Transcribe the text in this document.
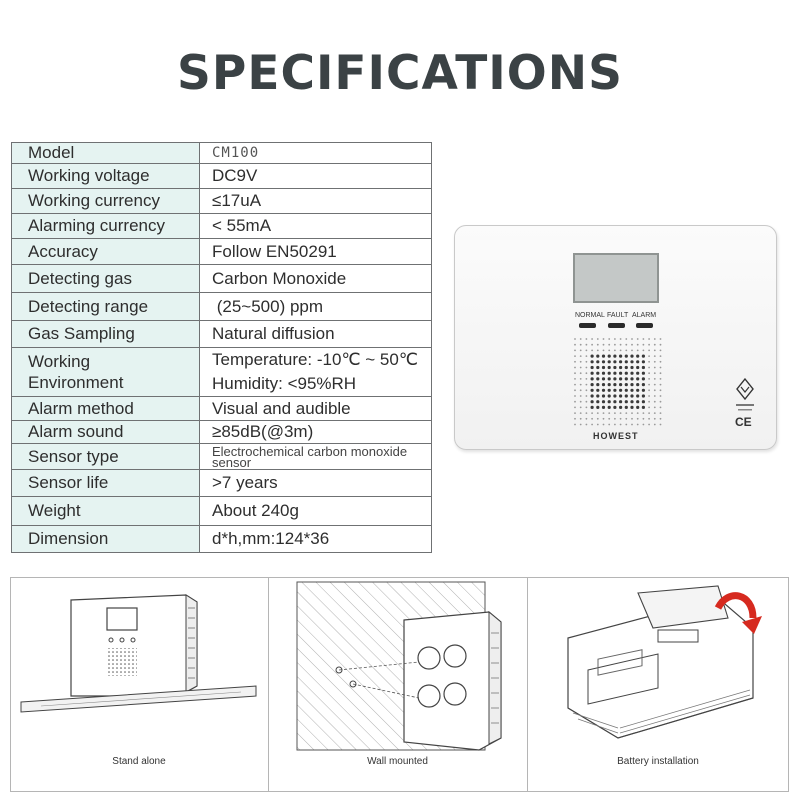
SPECIFICATIONS
Model	CM100
Working voltage	DC9V
Working currency	≤17uA
Alarming currency	< 55mA
Accuracy	Follow EN50291
Detecting gas	Carbon Monoxide
Detecting range	(25~500) ppm
Gas Sampling	Natural diffusion

Working
Environment	Temperature: -10℃ ~ 50℃
Humidity: <95%RH

Alarm method	Visual and audible
Alarm sound	≥85dB(@3m)
Sensor type	Electrochemical carbon monoxide
sensor

Sensor life	>7 years
Weight	About 240g
Dimension	d*h,mm:124*36
NORMAL FAULT ALARM
HOWEST
CE
Stand alone	Wall mounted	Battery installation
